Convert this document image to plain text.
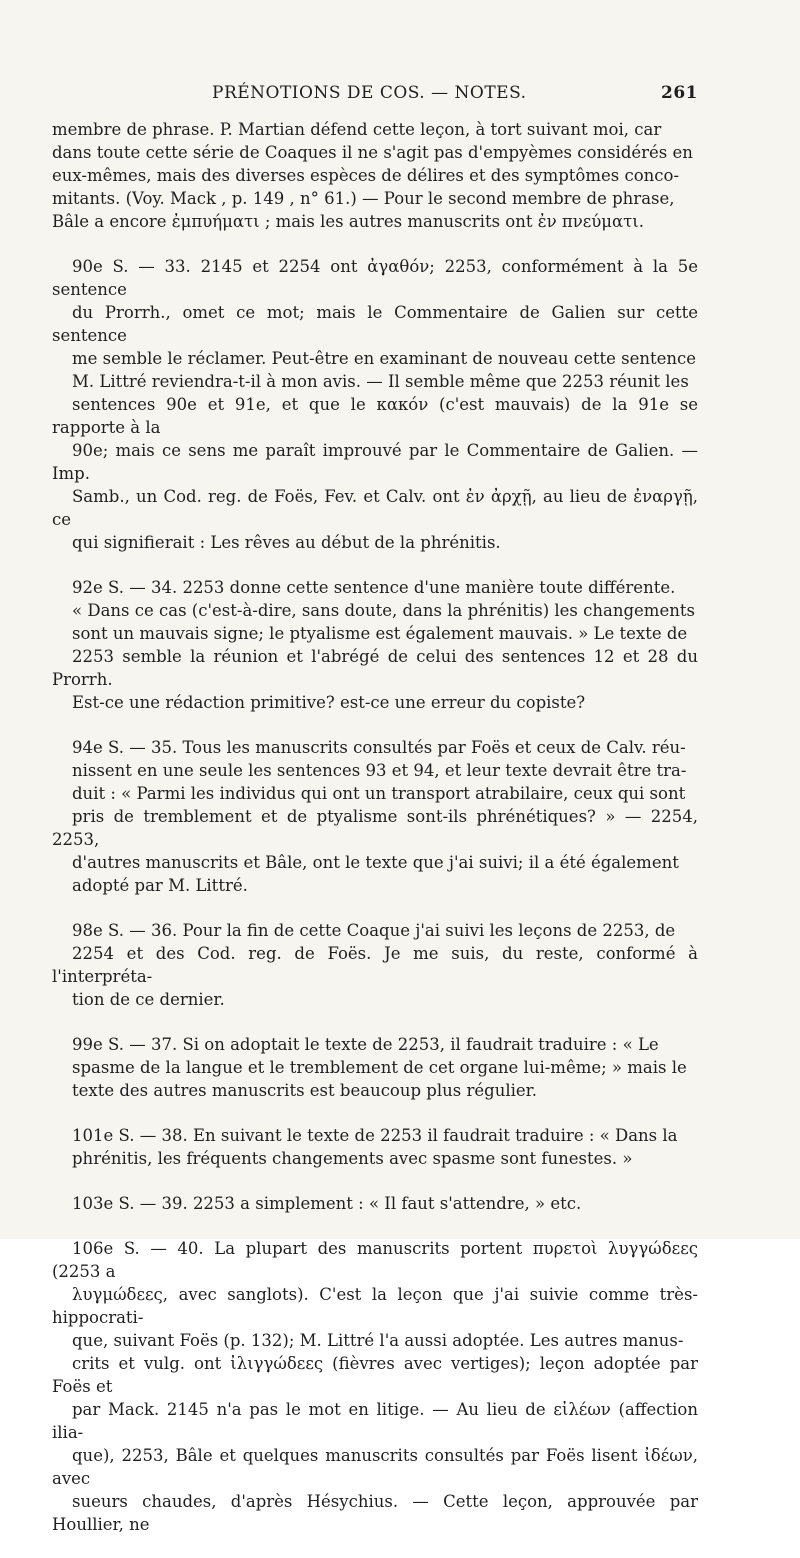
PRÉNOTIONS DE COS. — NOTES.	261

membre de phrase. P. Martian défend cette leçon, à tort suivant moi, car
dans toute cette série de Coaques il ne s'agit pas d'empyèmes considérés en
eux-mêmes, mais des diverses espèces de délires et des symptômes conco-
mitants. (Voy. Mack , p. 149 , n° 61.) — Pour le second membre de phrase,
Bâle a encore ἐμπυήματι ; mais les autres manuscrits ont ἐν πνεύματι.

90e S. — 33. 2145 et 2254 ont ἀγαθόν; 2253, conformément à la 5e sentence
du Prorrh., omet ce mot; mais le Commentaire de Galien sur cette sentence
me semble le réclamer. Peut-être en examinant de nouveau cette sentence
M. Littré reviendra-t-il à mon avis. — Il semble même que 2253 réunit les
sentences 90e et 91e, et que le κακόν (c'est mauvais) de la 91e se rapporte à la
90e; mais ce sens me paraît improuvé par le Commentaire de Galien. — Imp.
Samb., un Cod. reg. de Foës, Fev. et Calv. ont ἐν ἀρχῇ, au lieu de ἐναργῇ, ce
qui signifierait : Les rêves au début de la phrénitis.

92e S. — 34. 2253 donne cette sentence d'une manière toute différente.
« Dans ce cas (c'est-à-dire, sans doute, dans la phrénitis) les changements
sont un mauvais signe; le ptyalisme est également mauvais. » Le texte de
2253 semble la réunion et l'abrégé de celui des sentences 12 et 28 du Prorrh.
Est-ce une rédaction primitive? est-ce une erreur du copiste?

94e S. — 35. Tous les manuscrits consultés par Foës et ceux de Calv. réu-
nissent en une seule les sentences 93 et 94, et leur texte devrait être tra-
duit : « Parmi les individus qui ont un transport atrabilaire, ceux qui sont
pris de tremblement et de ptyalisme sont-ils phrénétiques? » — 2254, 2253,
d'autres manuscrits et Bâle, ont le texte que j'ai suivi; il a été également
adopté par M. Littré.

98e S. — 36. Pour la fin de cette Coaque j'ai suivi les leçons de 2253, de
2254 et des Cod. reg. de Foës. Je me suis, du reste, conformé à l'interpréta-
tion de ce dernier.

99e S. — 37. Si on adoptait le texte de 2253, il faudrait traduire : « Le
spasme de la langue et le tremblement de cet organe lui-même; » mais le
texte des autres manuscrits est beaucoup plus régulier.

101e S. — 38. En suivant le texte de 2253 il faudrait traduire : « Dans la
phrénitis, les fréquents changements avec spasme sont funestes. »

103e S. — 39. 2253 a simplement : « Il faut s'attendre, » etc.

106e S. — 40. La plupart des manuscrits portent πυρετοὶ λυγγώδεες (2253 a
λυγμώδεες, avec sanglots). C'est la leçon que j'ai suivie comme très-hippocrati-
que, suivant Foës (p. 132); M. Littré l'a aussi adoptée. Les autres manus-
crits et vulg. ont ἰλιγγώδεες (fièvres avec vertiges); leçon adoptée par Foës et
par Mack. 2145 n'a pas le mot en litige. — Au lieu de εἰλέων (affection ilia-
que), 2253, Bâle et quelques manuscrits consultés par Foës lisent ἰδέων, avec
sueurs chaudes, d'après Hésychius. — Cette leçon, approuvée par Houllier, ne
